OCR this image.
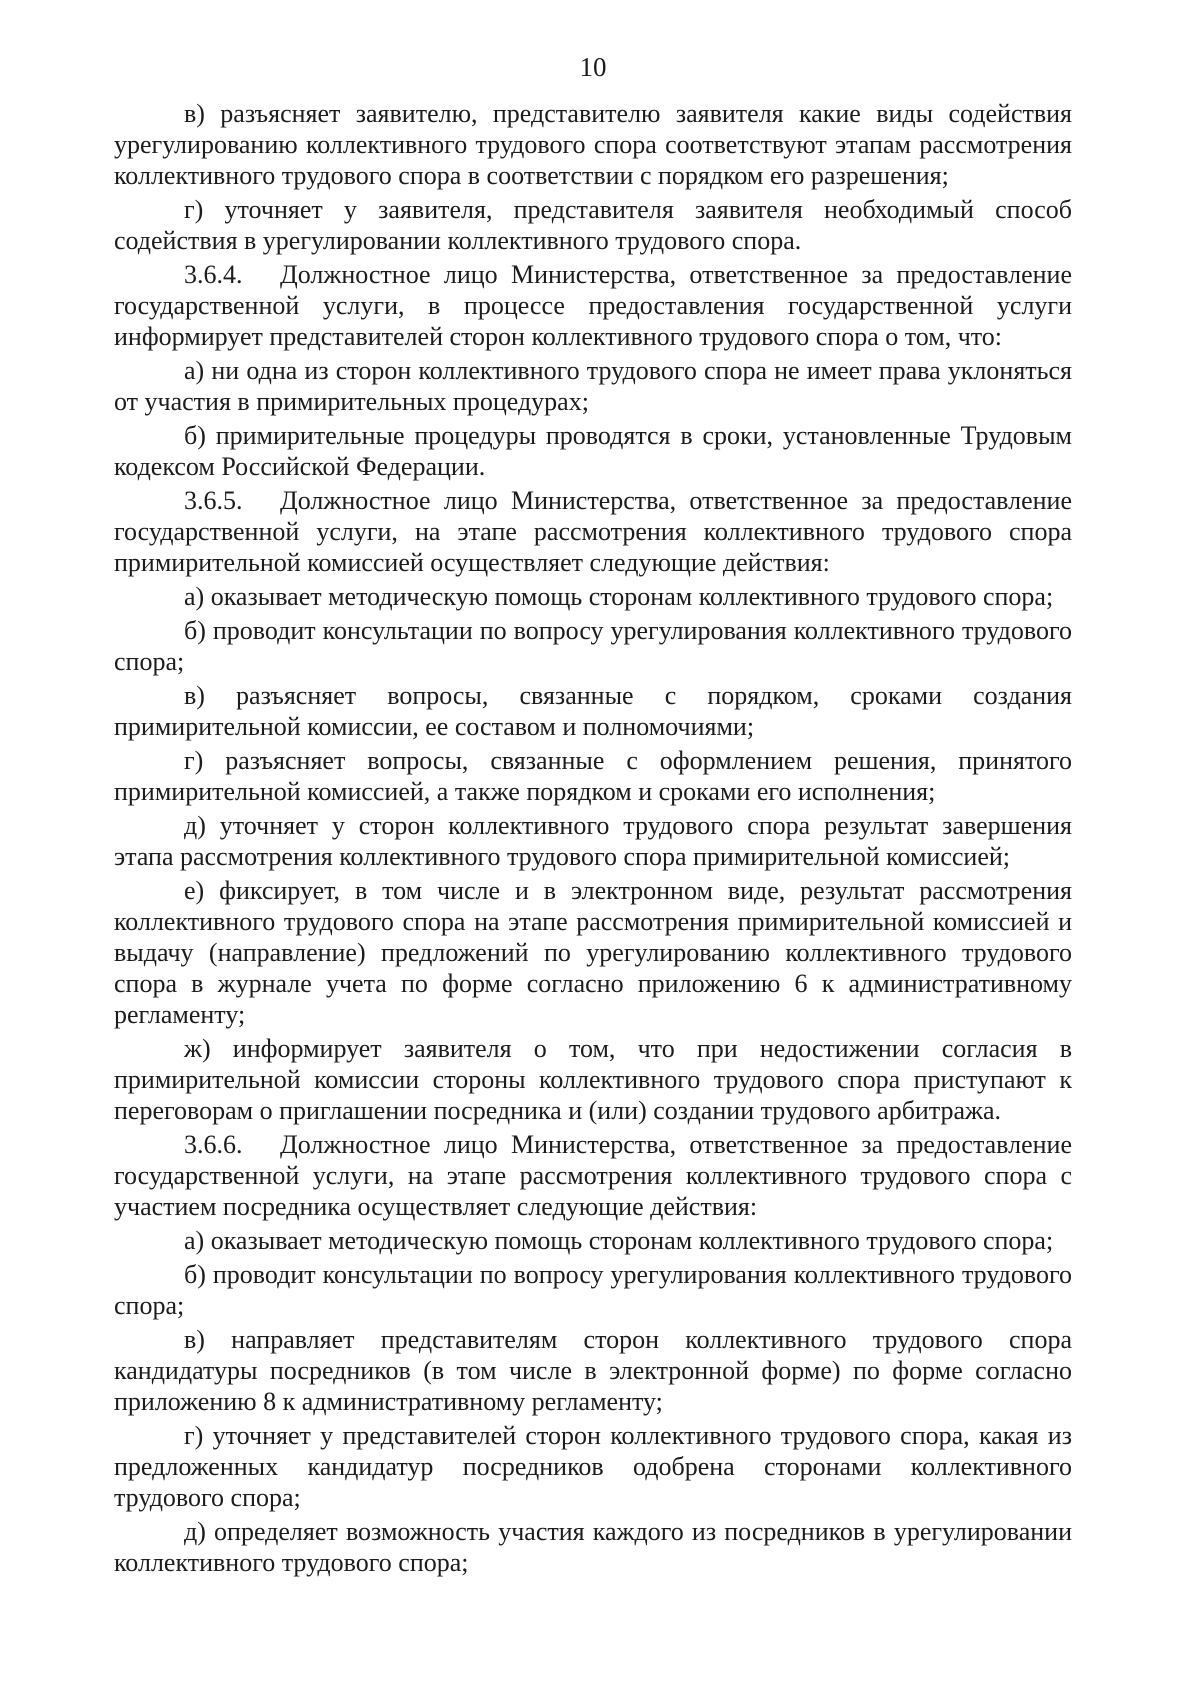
10

в) разъясняет заявителю, представителю заявителя какие виды содействия урегулированию коллективного трудового спора соответствуют этапам рассмотрения коллективного трудового спора в соответствии с порядком его разрешения;

г) уточняет у заявителя, представителя заявителя необходимый способ содействия в урегулировании коллективного трудового спора.

3.6.4. Должностное лицо Министерства, ответственное за предоставление государственной услуги, в процессе предоставления государственной услуги информирует представителей сторон коллективного трудового спора о том, что:

а) ни одна из сторон коллективного трудового спора не имеет права уклоняться от участия в примирительных процедурах;

б) примирительные процедуры проводятся в сроки, установленные Трудовым кодексом Российской Федерации.

3.6.5. Должностное лицо Министерства, ответственное за предоставление государственной услуги, на этапе рассмотрения коллективного трудового спора примирительной комиссией осуществляет следующие действия:

а) оказывает методическую помощь сторонам коллективного трудового спора;

б) проводит консультации по вопросу урегулирования коллективного трудового спора;

в) разъясняет вопросы, связанные с порядком, сроками создания примирительной комиссии, ее составом и полномочиями;

г) разъясняет вопросы, связанные с оформлением решения, принятого примирительной комиссией, а также порядком и сроками его исполнения;

д) уточняет у сторон коллективного трудового спора результат завершения этапа рассмотрения коллективного трудового спора примирительной комиссией;

е) фиксирует, в том числе и в электронном виде, результат рассмотрения коллективного трудового спора на этапе рассмотрения примирительной комиссией и выдачу (направление) предложений по урегулированию коллективного трудового спора в журнале учета по форме согласно приложению 6 к административному регламенту;

ж) информирует заявителя о том, что при недостижении согласия в примирительной комиссии стороны коллективного трудового спора приступают к переговорам о приглашении посредника и (или) создании трудового арбитража.

3.6.6. Должностное лицо Министерства, ответственное за предоставление государственной услуги, на этапе рассмотрения коллективного трудового спора с участием посредника осуществляет следующие действия:

а) оказывает методическую помощь сторонам коллективного трудового спора;

б) проводит консультации по вопросу урегулирования коллективного трудового спора;

в) направляет представителям сторон коллективного трудового спора кандидатуры посредников (в том числе в электронной форме) по форме согласно приложению 8 к административному регламенту;

г) уточняет у представителей сторон коллективного трудового спора, какая из предложенных кандидатур посредников одобрена сторонами коллективного трудового спора;

д) определяет возможность участия каждого из посредников в урегулировании коллективного трудового спора;
